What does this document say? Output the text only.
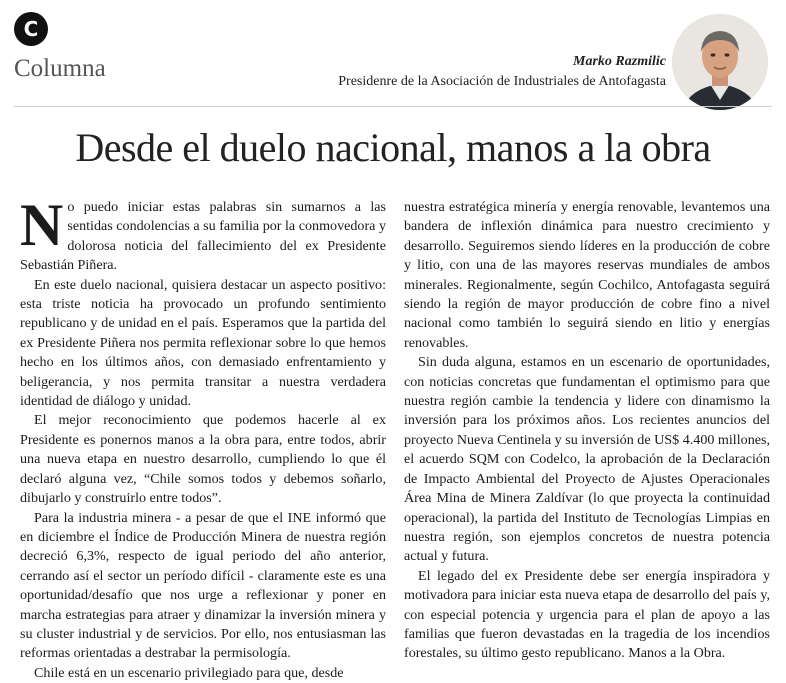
C
Columna	Marko Razmilic
Presidenre de la Asociación de Industriales de Antofagasta
Desde el duelo nacional, manos a la obra

No puedo iniciar estas palabras sin sumarnos a las sentidas condolencias a su familia por la conmovedora y dolorosa noticia del fallecimiento del ex Presidente Sebastián Piñera.

En este duelo nacional, quisiera destacar un aspecto positivo: esta triste noticia ha provocado un profundo sentimiento republicano y de unidad en el país. Esperamos que la partida del ex Presidente Piñera nos permita reflexionar sobre lo que hemos hecho en los últimos años, con demasiado enfrentamiento y beligerancia, y nos permita transitar a nuestra verdadera identidad de diálogo y unidad.

El mejor reconocimiento que podemos hacerle al ex Presidente es ponernos manos a la obra para, entre todos, abrir una nueva etapa en nuestro desarrollo, cumpliendo lo que él declaró alguna vez, “Chile somos todos y debemos soñarlo, dibujarlo y construirlo entre todos”.

Para la industria minera - a pesar de que el INE informó que en diciembre el Índice de Producción Minera de nuestra región decreció 6,3%, respecto de igual periodo del año anterior, cerrando así el sector un período difícil - claramente este es una oportunidad/desafío que nos urge a reflexionar y poner en marcha estrategias para atraer y dinamizar la inversión minera y su cluster industrial y de servicios. Por ello, nos entusiasman las reformas orientadas a destrabar la permisología.

Chile está en un escenario privilegiado para que, desde

nuestra estratégica minería y energía renovable, levantemos una bandera de inflexión dinámica para nuestro crecimiento y desarrollo. Seguiremos siendo líderes en la producción de cobre y litio, con una de las mayores reservas mundiales de ambos minerales. Regionalmente, según Cochilco, Antofagasta seguirá siendo la región de mayor producción de cobre fino a nivel nacional como también lo seguirá siendo en litio y energías renovables.

Sin duda alguna, estamos en un escenario de oportunidades, con noticias concretas que fundamentan el optimismo para que nuestra región cambie la tendencia y lidere con dinamismo la inversión para los próximos años. Los recientes anuncios del proyecto Nueva Centinela y su inversión de US$ 4.400 millones, el acuerdo SQM con Codelco, la aprobación de la Declaración de Impacto Ambiental del Proyecto de Ajustes Operacionales Área Mina de Minera Zaldívar (lo que proyecta la continuidad operacional), la partida del Instituto de Tecnologías Limpias en nuestra región, son ejemplos concretos de nuestra potencia actual y futura.

El legado del ex Presidente debe ser energía inspiradora y motivadora para iniciar esta nueva etapa de desarrollo del país y, con especial potencia y urgencia para el plan de apoyo a las familias que fueron devastadas en la tragedia de los incendios forestales, su último gesto republicano. Manos a la Obra.
